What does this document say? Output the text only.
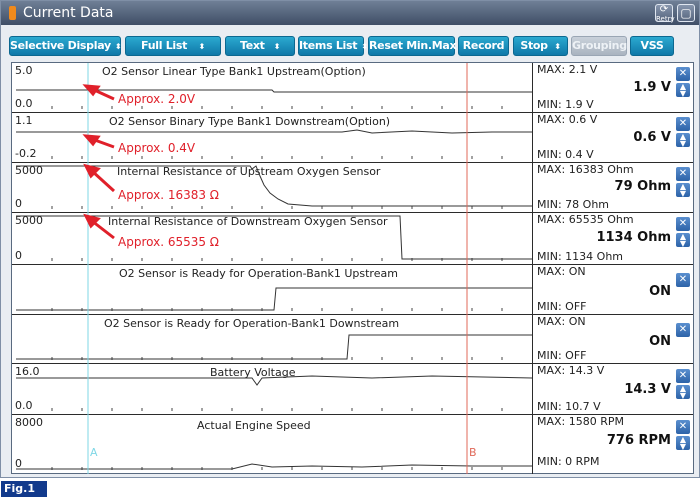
Current Data	⟳
Retry ▢
Selective Display ⬍	Full List   ⬍	Text  ⬍	Items List ⬍ Reset Min.Max Record	Stop ⬍	Grouping	VSS
5.0
0.0
O2 Sensor Linear Type Bank1 Upstream(Option)
Approx. 2.0V
MAX: 2.1 V
1.9 V
MIN: 1.9 V
✕
▲
▼
1.1
-0.2
O2 Sensor Binary Type Bank1 Downstream(Option)
Approx. 0.4V
MAX: 0.6 V
0.6 V
MIN: 0.4 V
✕
▲
▼
5000
0
Internal Resistance of Upstream Oxygen Sensor
Approx. 16383 Ω
MAX: 16383 Ohm
79 Ohm
MIN: 78 Ohm
✕
▲
▼
5000
0
Internal Resistance of Downstream Oxygen Sensor
Approx. 65535 Ω
MAX: 65535 Ohm
1134 Ohm
MIN: 1134 Ohm
✕
▲
▼
O2 Sensor is Ready for Operation-Bank1 Upstream	MAX: ON
ON
MIN: OFF
✕
O2 Sensor is Ready for Operation-Bank1 Downstream	MAX: ON
ON
MIN: OFF
✕
16.0
0.0
Battery Voltage	MAX: 14.3 V
14.3 V
MIN: 10.7 V
✕
▲
▼
8000
0
Actual Engine Speed	MAX: 1580 RPM
776 RPM
MIN: 0 RPM
✕
▲
▼
A	B
Fig.1
